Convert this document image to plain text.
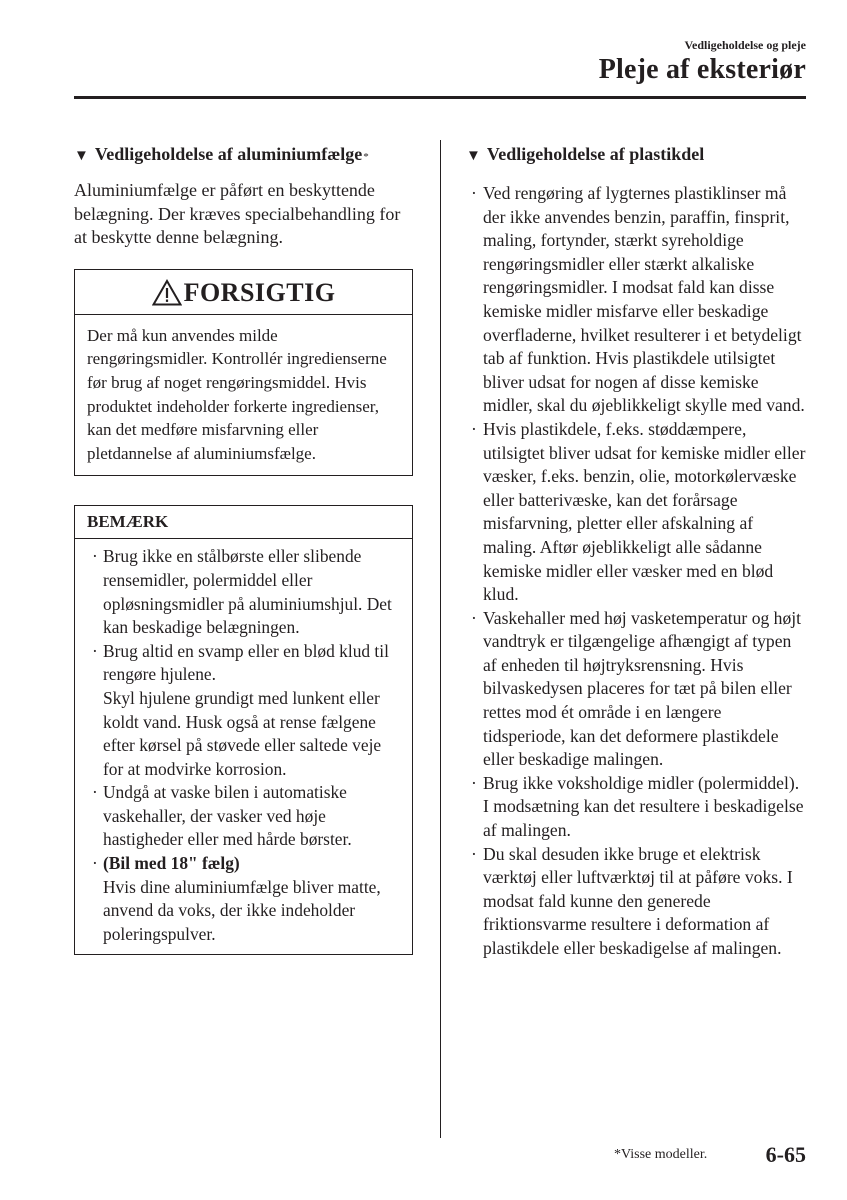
Vedligeholdelse og pleje
Pleje af eksteriør
▼ Vedligeholdelse af aluminiumfælge *

Aluminiumfælge er påført en beskyttende belægning. Der kræves specialbehandling for at beskytte denne belægning.

FORSIGTIG
Der må kun anvendes milde rengøringsmidler. Kontrollér ingredienserne før brug af noget rengøringsmiddel. Hvis produktet indeholder forkerte ingredienser, kan det medføre misfarvning eller pletdannelse af aluminiumsfælge.
BEMÆRK
· Brug ikke en stålbørste eller slibende rensemidler, polermiddel eller opløsningsmidler på aluminiumshjul. Det kan beskadige belægningen.
· Brug altid en svamp eller en blød klud til rengøre hjulene.
Skyl hjulene grundigt med lunkent eller koldt vand. Husk også at rense fælgene efter kørsel på støvede eller saltede veje for at modvirke korrosion.
· Undgå at vaske bilen i automatiske vaskehaller, der vasker ved høje hastigheder eller med hårde børster.
· (Bil med 18" fælg)
Hvis dine aluminiumfælge bliver matte, anvend da voks, der ikke indeholder poleringspulver.
▼ Vedligeholdelse af plastikdel
· Ved rengøring af lygternes plastiklinser må der ikke anvendes benzin, paraffin, finsprit, maling, fortynder, stærkt syreholdige rengøringsmidler eller stærkt alkaliske rengøringsmidler. I modsat fald kan disse kemiske midler misfarve eller beskadige overfladerne, hvilket resulterer i et betydeligt tab af funktion. Hvis plastikdele utilsigtet bliver udsat for nogen af disse kemiske midler, skal du øjeblikkeligt skylle med vand.
· Hvis plastikdele, f.eks. støddæmpere, utilsigtet bliver udsat for kemiske midler eller væsker, f.eks. benzin, olie, motorkølervæske eller batterivæske, kan det forårsage misfarvning, pletter eller afskalning af maling. Aftør øjeblikkeligt alle sådanne kemiske midler eller væsker med en blød klud.
· Vaskehaller med høj vasketemperatur og højt vandtryk er tilgængelige afhængigt af typen af enheden til højtryksrensning. Hvis bilvaskedysen placeres for tæt på bilen eller rettes mod ét område i en længere tidsperiode, kan det deformere plastikdele eller beskadige malingen.
· Brug ikke voksholdige midler (polermiddel). I modsætning kan det resultere i beskadigelse af malingen.
· Du skal desuden ikke bruge et elektrisk værktøj eller luftværktøj til at påføre voks. I modsat fald kunne den generede friktionsvarme resultere i deformation af plastikdele eller beskadigelse af malingen.
*Visse modeller.	6-65
